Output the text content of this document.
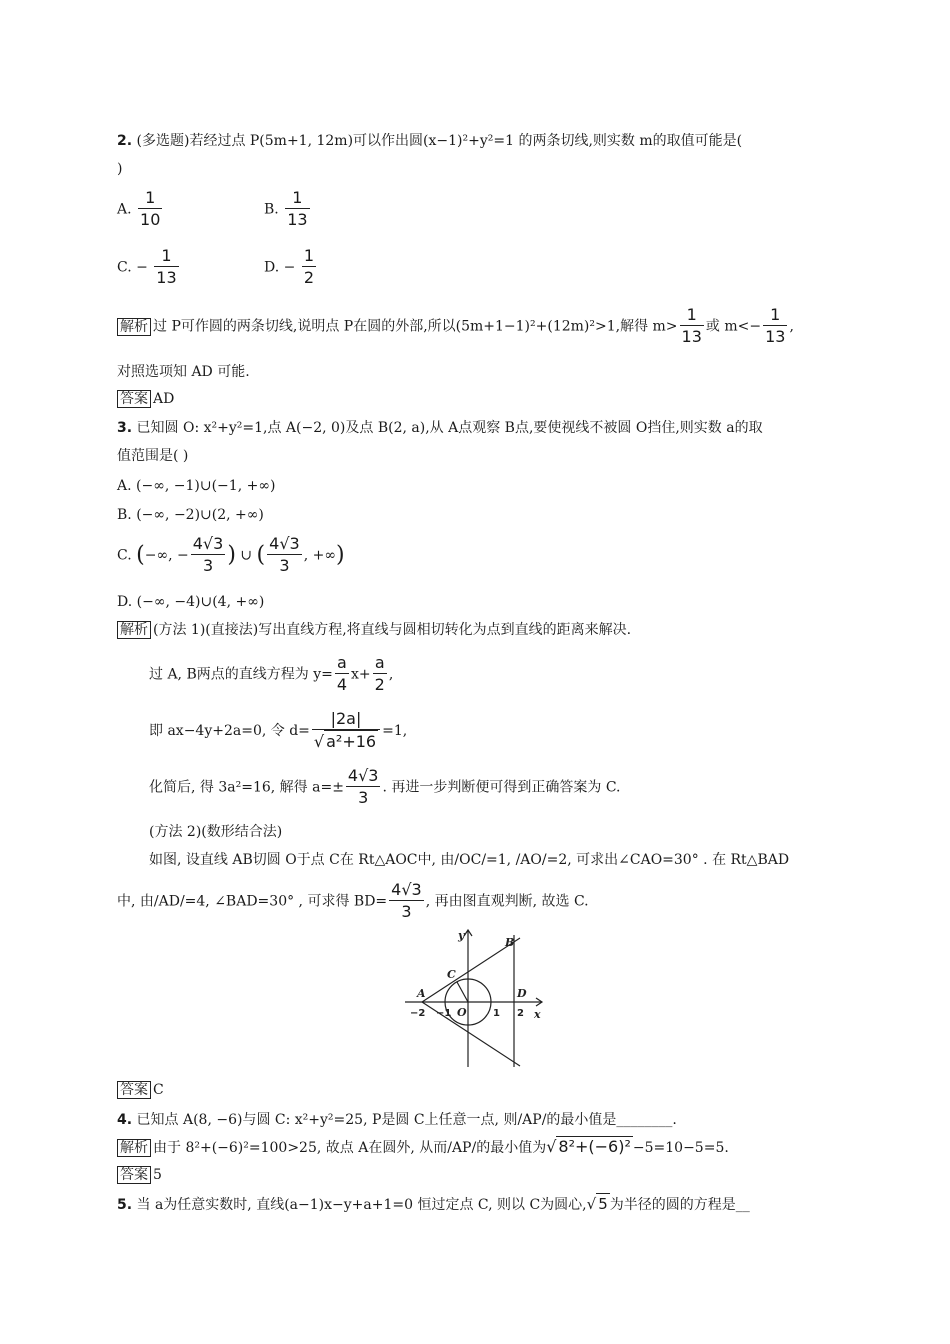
2. (多选题)若经过点 P(5m+1, 12m)可以作出圆(x−1)²+y²=1 的两条切线,则实数 m的取值可能是(
)
A. $\frac{1}{10}$	B. $\frac{1}{13}$
C. − $\frac{1}{13}$	D. − $\frac{1}{2}$
解析 过 P可作圆的两条切线,说明点 P在圆的外部,所以(5m+1−1)²+(12m)²>1,解得 $m> \frac{1}{13}$ 或 $m<- \frac{1}{13}$ ,
对照选项知 AD 可能.
答案 AD
3. 已知圆 O: x²+y²=1,点 A(−2, 0)及点 B(2, a),从 A点观察 B点,要使视线不被圆 O挡住,则实数 a的取
值范围是( )
A. (−∞, −1)∪(−1, +∞)
B. (−∞, −2)∪(2, +∞)
C. (−∞, − $\frac{4√3}{3}$ ) ∪ ( $\frac{4√3}{3}$ , +∞)
D. (−∞, −4)∪(4, +∞)
解析 (方法 1)(直接法)写出直线方程,将直线与圆相切转化为点到直线的距离来解决.
过 A, B两点的直线方程为 $y= \frac{a}{4} x+ \frac{a}{2}$ ,
即 ax−4y+2a=0, 令 $d= \frac{|2a|}{\text{√ a²+16}} =1$,
化简后, 得 3a²=16, 解得 $a=\pm \frac{4√3}{3}$ . 再进一步判断便可得到正确答案为 C.
(方法 2)(数形结合法)
如图, 设直线 AB切圆 O于点 C在 Rt△AOC中, 由/OC/=1, /AO/=2, 可求出∠CAO=30° . 在 Rt△BAD
中, 由/AD/=4, ∠BAD=30° , 可求得 $BD= \frac{4√3}{3}$ , 再由图直观判断, 故选 C.
y
x
A
B
C
D
O
−2 −1	1 2
答案 C
4. 已知点 A(8, −6)与圆 C: x²+y²=25, P是圆 C上任意一点, 则/AP/的最小值是________.
解析 由于 8²+(−6)²=100>25, 故点 A在圆外, 从而/AP/的最小值为√ 8²+(−6)² −5=10−5=5.
答案 5
5. 当 a为任意实数时, 直线(a−1)x−y+a+1=0 恒过定点 C, 则以 C为圆心,√ 5 为半径的圆的方程是__
